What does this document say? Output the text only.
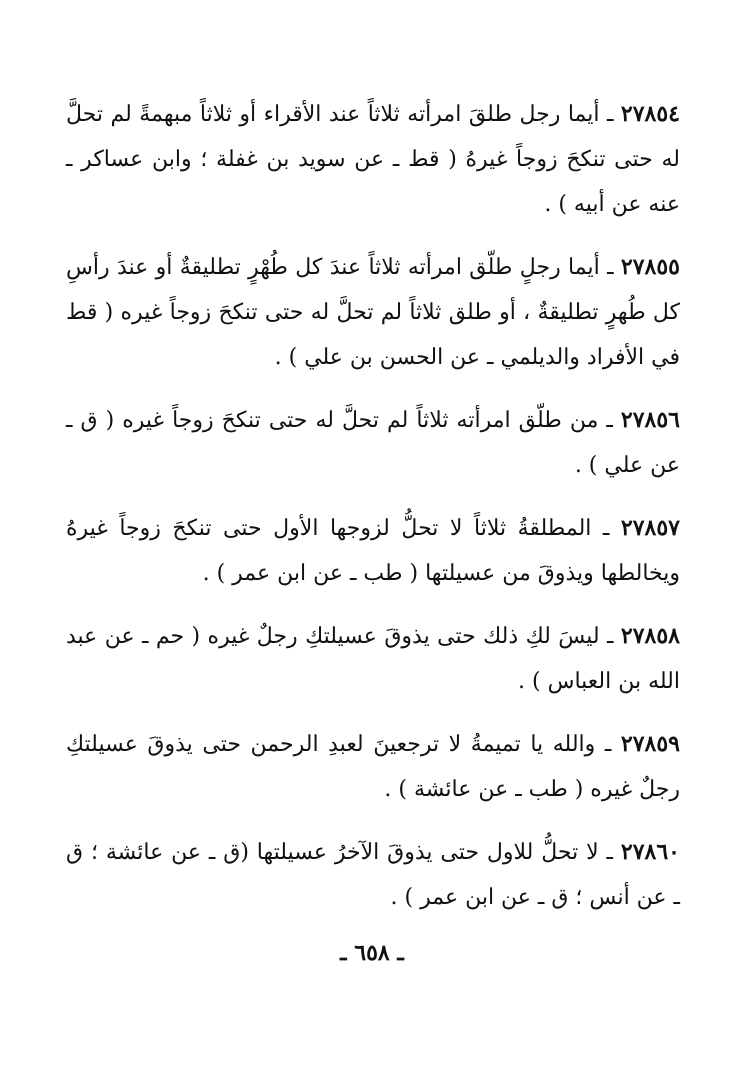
٢٧٨٥٤ ـ أيما رجل طلقَ امرأته ثلاثاً عند الأقراء أو ثلاثاً مبهمةً لم تحلَّ له حتى تنكحَ زوجاً غيرهُ ( قط ـ عن سويد بن غفلة ؛ وابن عساكر ـ عنه عن أبيه ) .

٢٧٨٥٥ ـ أيما رجلٍ طلّق امرأته ثلاثاً عندَ كل طُهْرٍ تطليقةٌ أو عندَ رأسِ كل طُهرٍ تطليقةٌ ، أو طلق ثلاثاً لم تحلَّ له حتى تنكحَ زوجاً غيره ( قط في الأفراد والديلمي ـ عن الحسن بن علي ) .

٢٧٨٥٦ ـ من طلّق امرأته ثلاثاً لم تحلَّ له حتى تنكحَ زوجاً غيره ( ق ـ عن علي ) .

٢٧٨٥٧ ـ المطلقةُ ثلاثاً لا تحلُّ لزوجها الأول حتى تنكحَ زوجاً غيرهُ ويخالطها ويذوقَ من عسيلتها ( طب ـ عن ابن عمر ) .

٢٧٨٥٨ ـ ليسَ لكِ ذلك حتى يذوقَ عسيلتكِ رجلٌ غيره ( حم ـ عن عبد الله بن العباس ) .

٢٧٨٥٩ ـ والله يا تميمةُ لا ترجعينَ لعبدِ الرحمن حتى يذوقَ عسيلتكِ رجلٌ غيره ( طب ـ عن عائشة ) .

٢٧٨٦٠ ـ لا تحلُّ للاول حتى يذوقَ الآخرُ عسيلتها (ق ـ عن عائشة ؛ ق ـ عن أنس ؛ ق ـ عن ابن عمر ) .

ـ ٦٥٨ ـ
